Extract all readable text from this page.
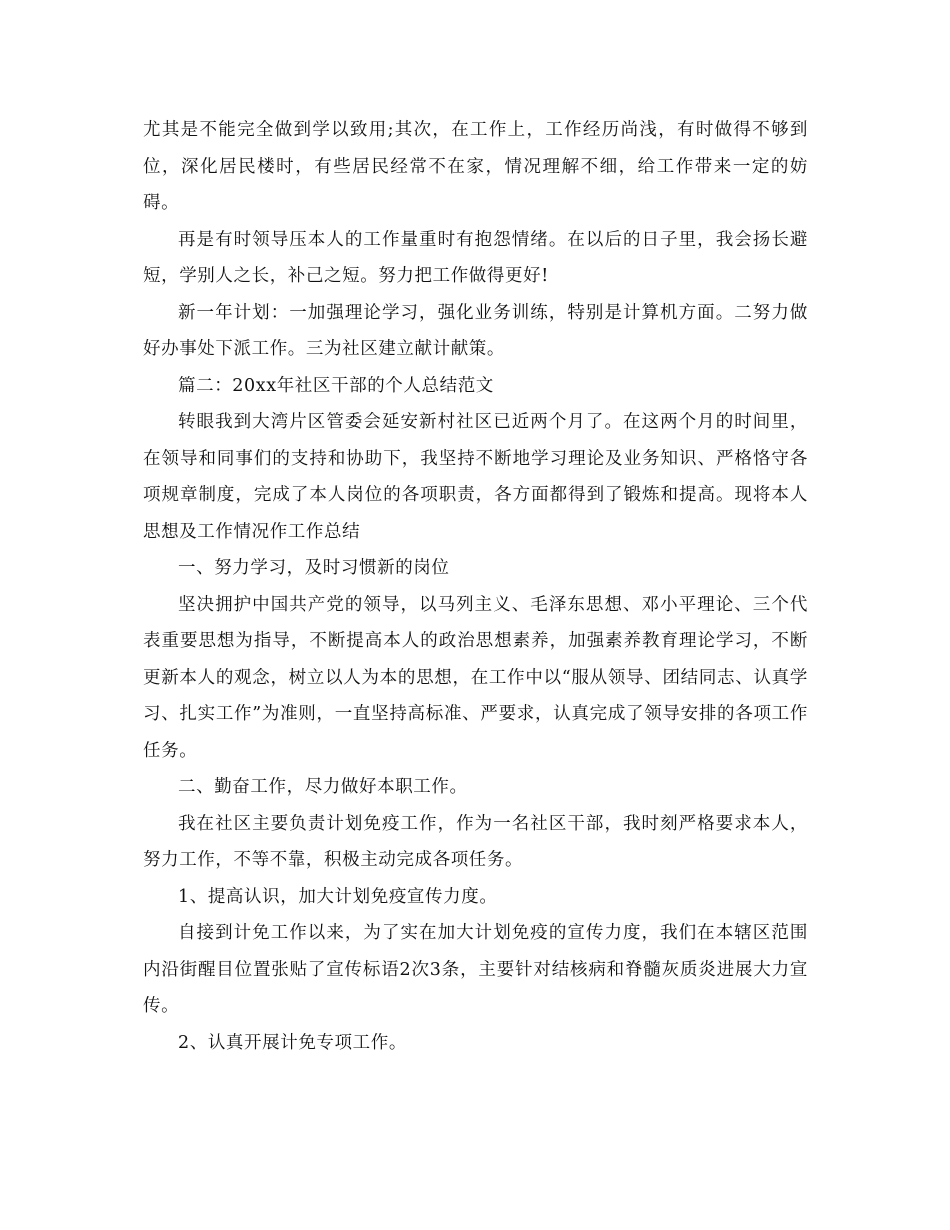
尤其是不能完全做到学以致用;其次，在工作上，工作经历尚浅，有时做得不够到位，深化居民楼时，有些居民经常不在家，情况理解不细，给工作带来一定的妨碍。

再是有时领导压本人的工作量重时有抱怨情绪。在以后的日子里，我会扬长避短，学别人之长，补己之短。努力把工作做得更好!

新一年计划：一加强理论学习，强化业务训练，特别是计算机方面。二努力做好办事处下派工作。三为社区建立献计献策。

篇二：20xx年社区干部的个人总结范文

转眼我到大湾片区管委会延安新村社区已近两个月了。在这两个月的时间里，在领导和同事们的支持和协助下，我坚持不断地学习理论及业务知识、严格恪守各项规章制度，完成了本人岗位的各项职责，各方面都得到了锻炼和提高。现将本人思想及工作情况作工作总结

一、努力学习，及时习惯新的岗位

坚决拥护中国共产党的领导，以马列主义、毛泽东思想、邓小平理论、三个代表重要思想为指导，不断提高本人的政治思想素养，加强素养教育理论学习，不断更新本人的观念，树立以人为本的思想，在工作中以“服从领导、团结同志、认真学习、扎实工作”为准则，一直坚持高标准、严要求，认真完成了领导安排的各项工作任务。

二、勤奋工作，尽力做好本职工作。

我在社区主要负责计划免疫工作，作为一名社区干部，我时刻严格要求本人，努力工作，不等不靠，积极主动完成各项任务。

1、提高认识，加大计划免疫宣传力度。

自接到计免工作以来，为了实在加大计划免疫的宣传力度，我们在本辖区范围内沿街醒目位置张贴了宣传标语2次3条，主要针对结核病和脊髓灰质炎进展大力宣传。

2、认真开展计免专项工作。
